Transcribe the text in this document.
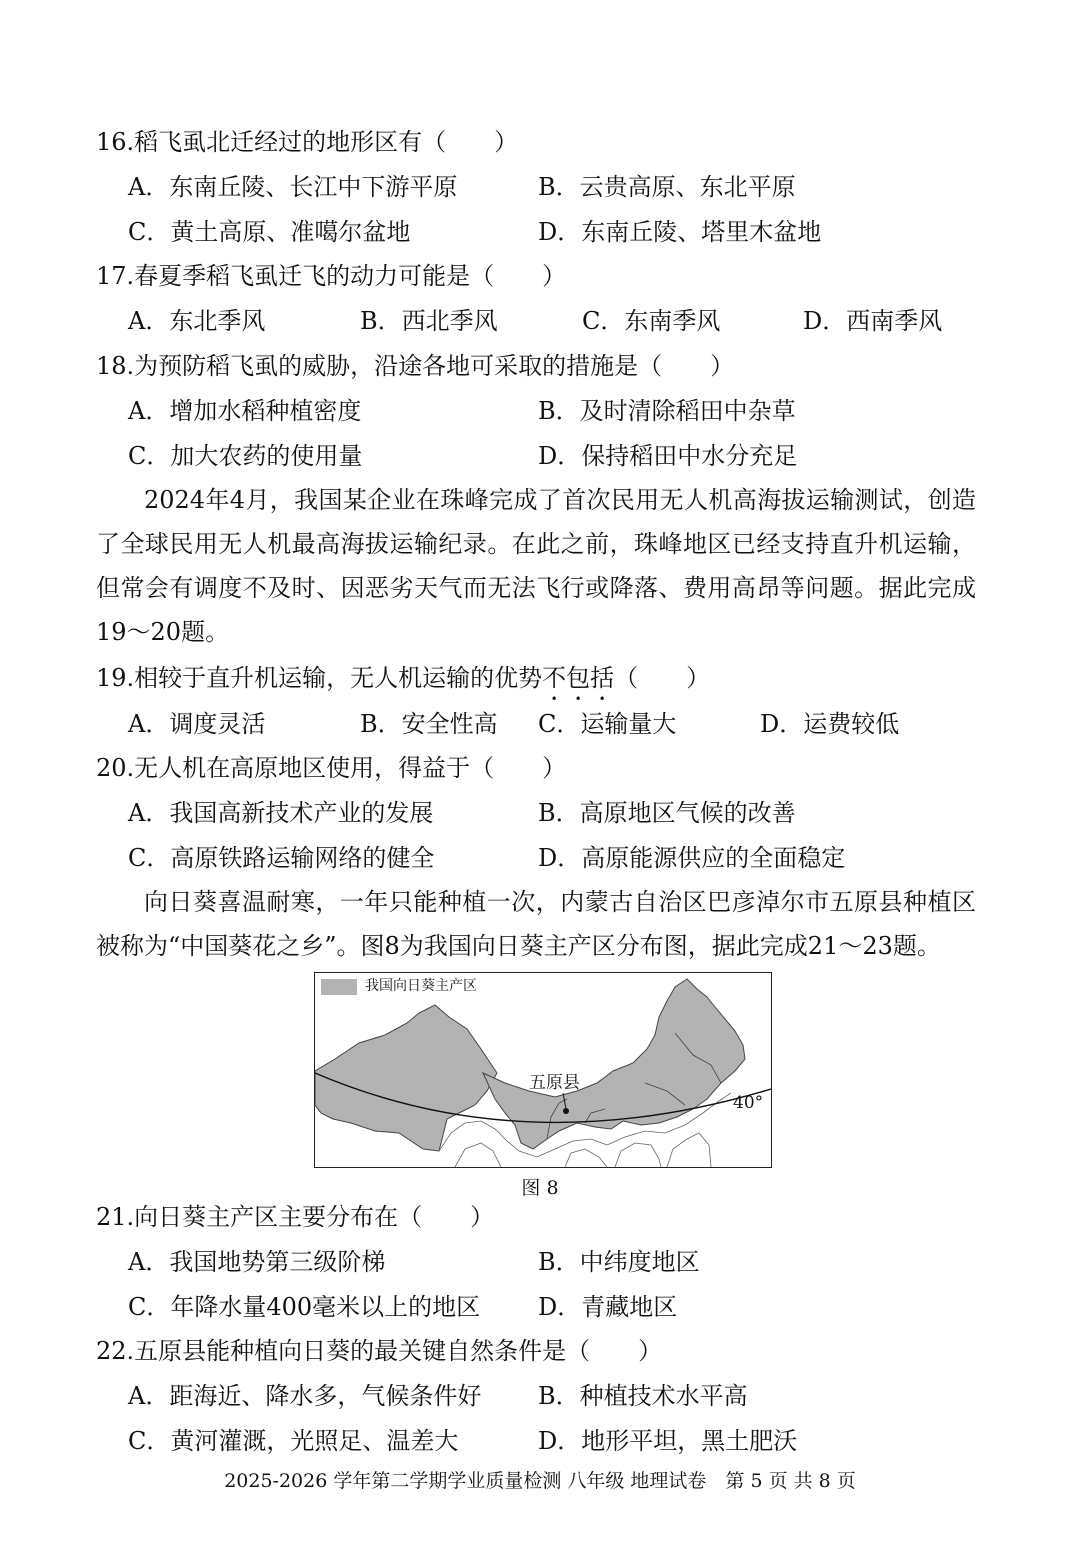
16.稻飞虱北迁经过的地形区有（　　）
A．东南丘陵、长江中下游平原	B．云贵高原、东北平原
C．黄土高原、准噶尔盆地	D．东南丘陵、塔里木盆地
17.春夏季稻飞虱迁飞的动力可能是（　　）
A．东北季风	B．西北季风	C．东南季风	D．西南季风
18.为预防稻飞虱的威胁，沿途各地可采取的措施是（　　）
A．增加水稻种植密度	B．及时清除稻田中杂草
C．加大农药的使用量	D．保持稻田中水分充足

2024年4月，我国某企业在珠峰完成了首次民用无人机高海拔运输测试，创造了全球民用无人机最高海拔运输纪录。在此之前，珠峰地区已经支持直升机运输，但常会有调度不及时、因恶劣天气而无法飞行或降落、费用高昂等问题。据此完成19～20题。

19.相较于直升机运输，无人机运输的优势不包括（　　）
A．调度灵活	B．安全性高 C．运输量大	D．运费较低
20.无人机在高原地区使用，得益于（　　）
A．我国高新技术产业的发展	B．高原地区气候的改善
C．高原铁路运输网络的健全	D．高原能源供应的全面稳定

向日葵喜温耐寒，一年只能种植一次，内蒙古自治区巴彦淖尔市五原县种植区被称为“中国葵花之乡”。图8为我国向日葵主产区分布图，据此完成21～23题。

我国向日葵主产区
五原县
40°
图 8
21.向日葵主产区主要分布在（　　）
A．我国地势第三级阶梯	B．中纬度地区
C．年降水量400毫米以上的地区 D．青藏地区
22.五原县能种植向日葵的最关键自然条件是（　　）
A．距海近、降水多，气候条件好 B．种植技术水平高
C．黄河灌溉，光照足、温差大	D．地形平坦，黑土肥沃
2025-2026 学年第二学期学业质量检测 八年级 地理试卷　第 5 页 共 8 页
